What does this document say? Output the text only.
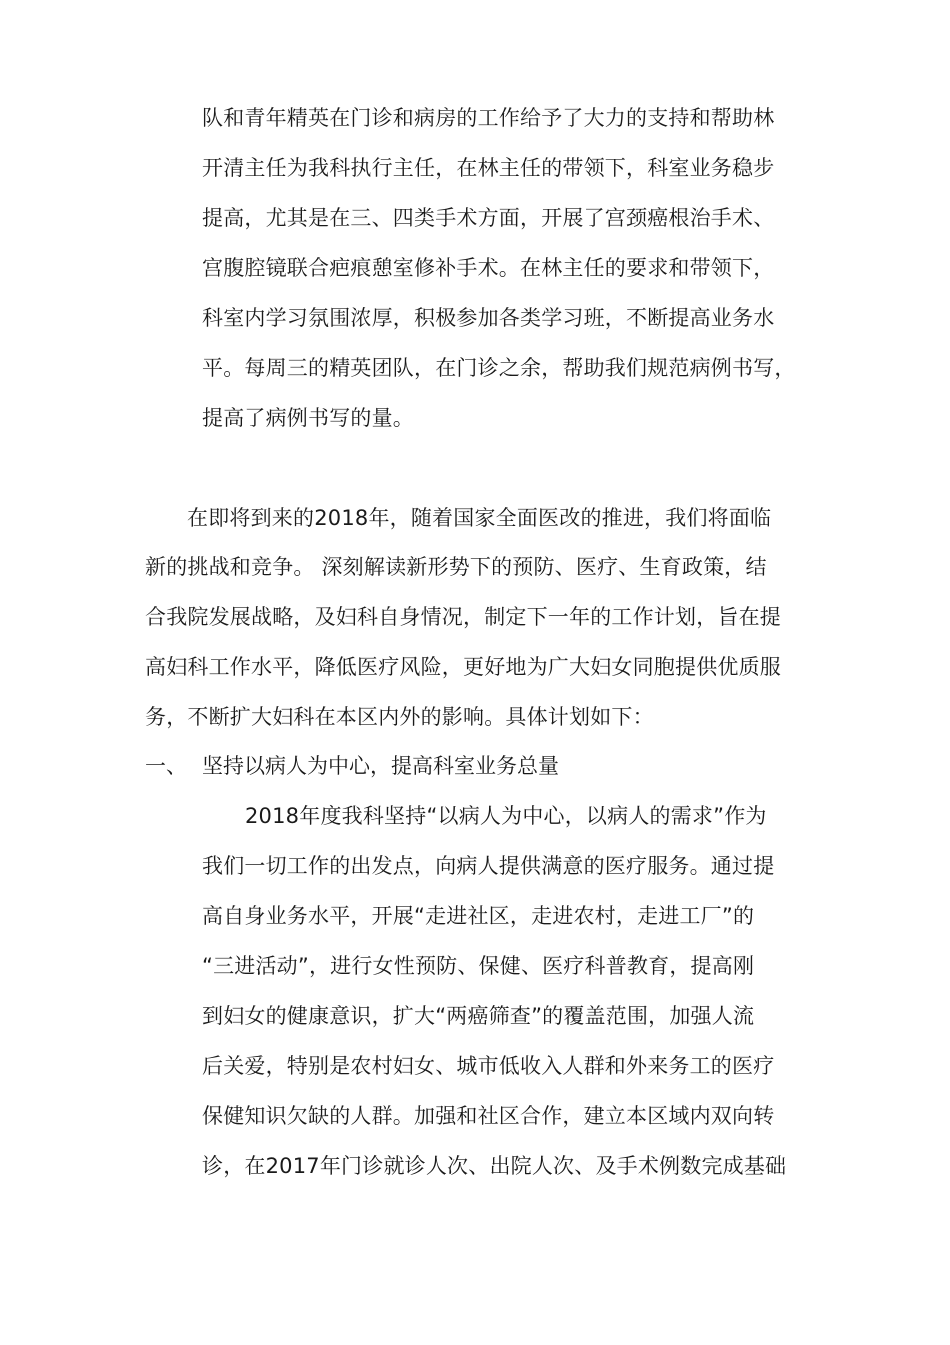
队和青年精英在门诊和病房的工作给予了大力的支持和帮助林
开清主任为我科执行主任，在林主任的带领下，科室业务稳步
提高，尤其是在三、四类手术方面，开展了宫颈癌根治手术、
宫腹腔镜联合疤痕憩室修补手术。在林主任的要求和带领下，
科室内学习氛围浓厚，积极参加各类学习班，不断提高业务水
平。每周三的精英团队，在门诊之余，帮助我们规范病例书写，
提高了病例书写的量。
在即将到来的2018年，随着国家全面医改的推进，我们将面临
新的挑战和竞争。 深刻解读新形势下的预防、医疗、生育政策，结
合我院发展战略，及妇科自身情况，制定下一年的工作计划，旨在提
高妇科工作水平，降低医疗风险，更好地为广大妇女同胞提供优质服
务，不断扩大妇科在本区内外的影响。具体计划如下：
一、 坚持以病人为中心，提高科室业务总量
2018年度我科坚持“以病人为中心，以病人的需求”作为
我们一切工作的出发点，向病人提供满意的医疗服务。通过提
高自身业务水平，开展“走进社区，走进农村，走进工厂”的
“三进活动”，进行女性预防、保健、医疗科普教育，提高刚
到妇女的健康意识，扩大“两癌筛查”的覆盖范围，加强人流
后关爱，特别是农村妇女、城市低收入人群和外来务工的医疗
保健知识欠缺的人群。加强和社区合作，建立本区域内双向转
诊，在2017年门诊就诊人次、出院人次、及手术例数完成基础
